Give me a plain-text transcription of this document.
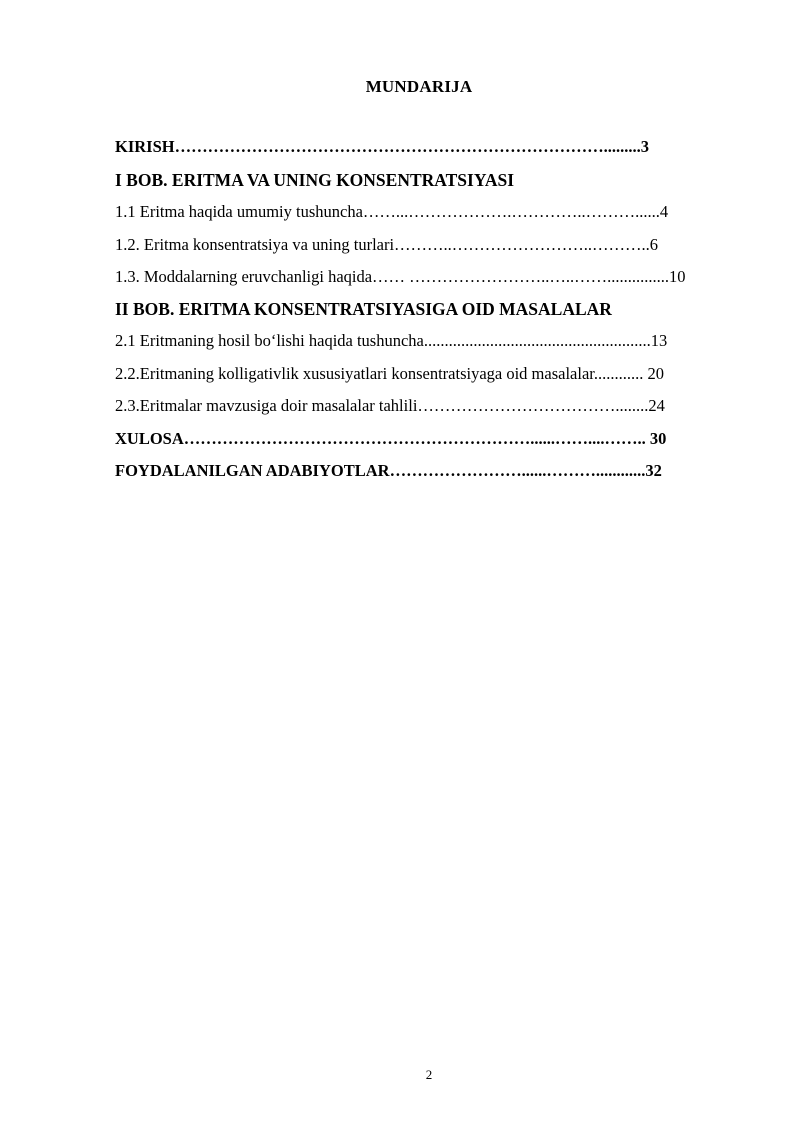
MUNDARIJA
KIRISH…………………………………………………………………….........3
I BOB. ERITMA VA UNING KONSENTRATSIYASI
1.1 Eritma haqida umumiy tushuncha……...……………….…………..………......4
1.2. Eritma konsentratsiya va uning turlari………..……………………..………..6
1.3. Moddalarning eruvchanligi haqida…… ……………………..…..……...............10
II BOB. ERITMA KONSENTRATSIYASIGA OID MASALALAR
2.1 Eritmaning hosil bo‘lishi haqida tushuncha.......................................................13
2.2.Eritmaning kolligativlik xususiyatlari konsentratsiyaga oid masalalar............ 20
2.3.Eritmalar mavzusiga doir masalalar tahlili………………………………........24
XULOSA………………………………………………………......……....…….. 30
FOYDALANILGAN ADABIYOTLAR……………………......………............32
2
